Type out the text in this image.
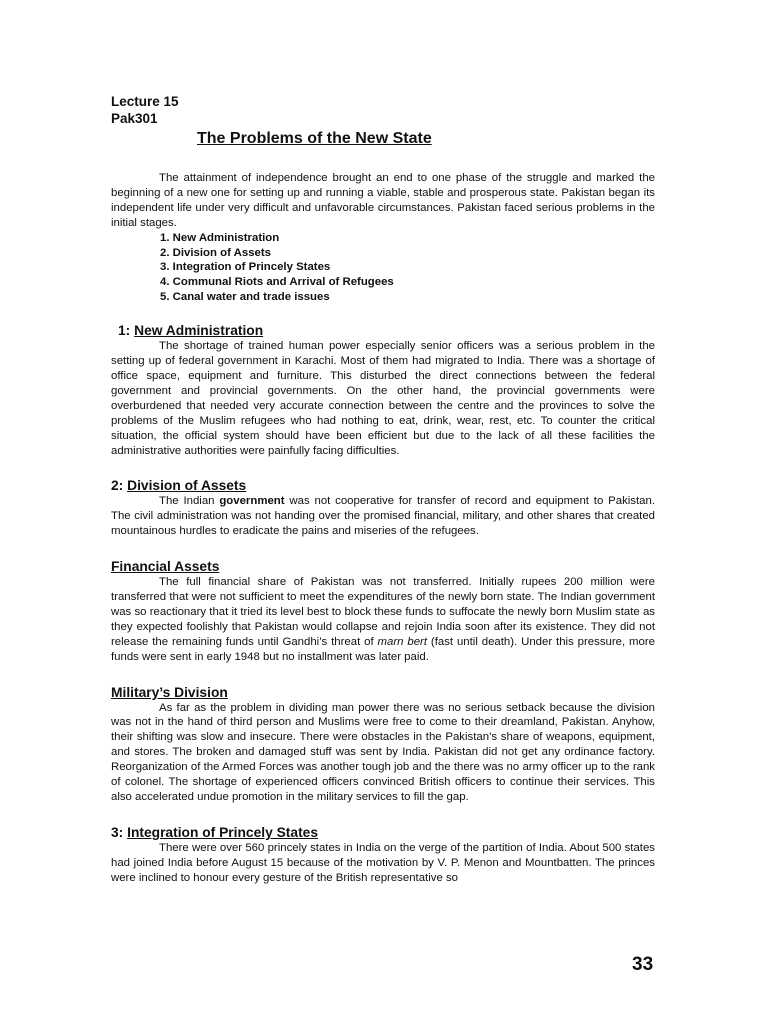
Lecture 15
Pak301
The Problems of the New State

The attainment of independence brought an end to one phase of the struggle and marked the beginning of a new one for setting up and running a viable, stable and prosperous state. Pakistan began its independent life under very difficult and unfavorable circumstances. Pakistan faced serious problems in the initial stages.

1. New Administration
2. Division of Assets
3. Integration of Princely States
4. Communal Riots and Arrival of Refugees
5. Canal water and trade issues
1: New Administration

The shortage of trained human power especially senior officers was a serious problem in the setting up of federal government in Karachi. Most of them had migrated to India. There was a shortage of office space, equipment and furniture. This disturbed the direct connections between the federal government and provincial governments. On the other hand, the provincial governments were overburdened that needed very accurate connection between the centre and the provinces to solve the problems of the Muslim refugees who had nothing to eat, drink, wear, rest, etc. To counter the critical situation, the official system should have been efficient but due to the lack of all these facilities the administrative authorities were painfully facing difficulties.

2: Division of Assets

The Indian government was not cooperative for transfer of record and equipment to Pakistan. The civil administration was not handing over the promised financial, military, and other shares that created mountainous hurdles to eradicate the pains and miseries of the refugees.

Financial Assets

The full financial share of Pakistan was not transferred. Initially rupees 200 million were transferred that were not sufficient to meet the expenditures of the newly born state. The Indian government was so reactionary that it tried its level best to block these funds to suffocate the newly born Muslim state as they expected foolishly that Pakistan would collapse and rejoin India soon after its existence. They did not release the remaining funds until Gandhi’s threat of marn bert (fast until death). Under this pressure, more funds were sent in early 1948 but no installment was later paid.

Military’s Division

As far as the problem in dividing man power there was no serious setback because the division was not in the hand of third person and Muslims were free to come to their dreamland, Pakistan. Anyhow, their shifting was slow and insecure. There were obstacles in the Pakistan’s share of weapons, equipment, and stores. The broken and damaged stuff was sent by India. Pakistan did not get any ordinance factory. Reorganization of the Armed Forces was another tough job and the there was no army officer up to the rank of colonel. The shortage of experienced officers convinced British officers to continue their services. This also accelerated undue promotion in the military services to fill the gap.

3: Integration of Princely States

There were over 560 princely states in India on the verge of the partition of India. About 500 states had joined India before August 15 because of the motivation by V. P. Menon and Mountbatten. The princes were inclined to honour every gesture of the British representative so

33
